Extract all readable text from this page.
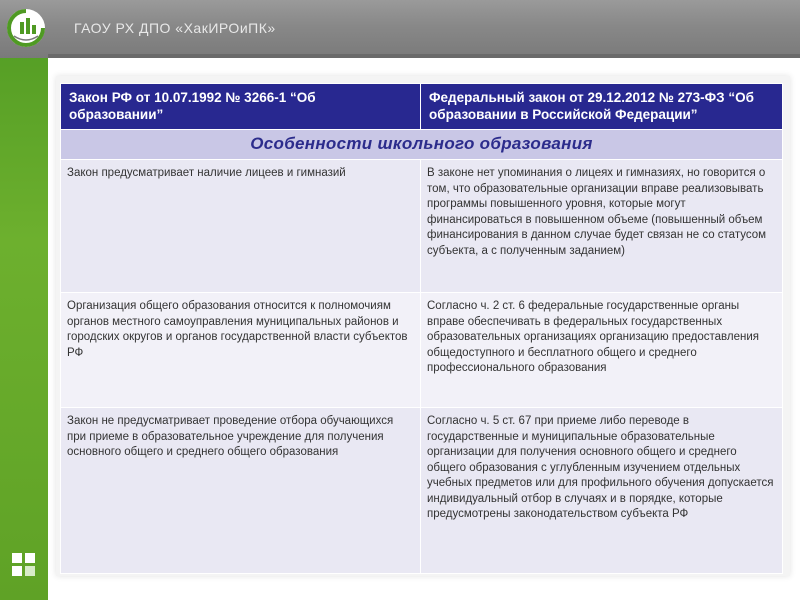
ГАОУ РХ ДПО «ХакИРОиПК»
Закон РФ от 10.07.1992 № 3266-1 “Об образовании”	Федеральный закон от 29.12.2012 № 273-ФЗ “Об образовании в Российской Федерации”
Особенности школьного образования	
Закон предусматривает наличие лицеев и гимназий	В законе нет упоминания о лицеях и гимназиях, но говорится о том, что образовательные организации вправе реализовывать программы повышенного уровня, которые могут финансироваться в повышенном объеме (повышенный объем финансирования в данном случае будет связан не со статусом субъекта, а с полученным заданием)
Организация общего образования относится к полномочиям органов местного самоуправления муниципальных районов и городских округов и органов государственной власти субъектов РФ	Согласно ч. 2 ст. 6 федеральные государственные органы вправе обеспечивать в федеральных государственных образовательных организациях организацию предоставления общедоступного и бесплатного общего и среднего профессионального образования
Закон не предусматривает проведение отбора обучающихся при приеме в образовательное учреждение для получения основного общего и среднего общего образования	Согласно ч. 5 ст. 67 при приеме либо переводе в государственные и муниципальные образовательные организации для получения основного общего и среднего общего образования с углубленным изучением отдельных учебных предметов или для профильного обучения допускается индивидуальный отбор в случаях и в порядке, которые предусмотрены законодательством субъекта РФ
